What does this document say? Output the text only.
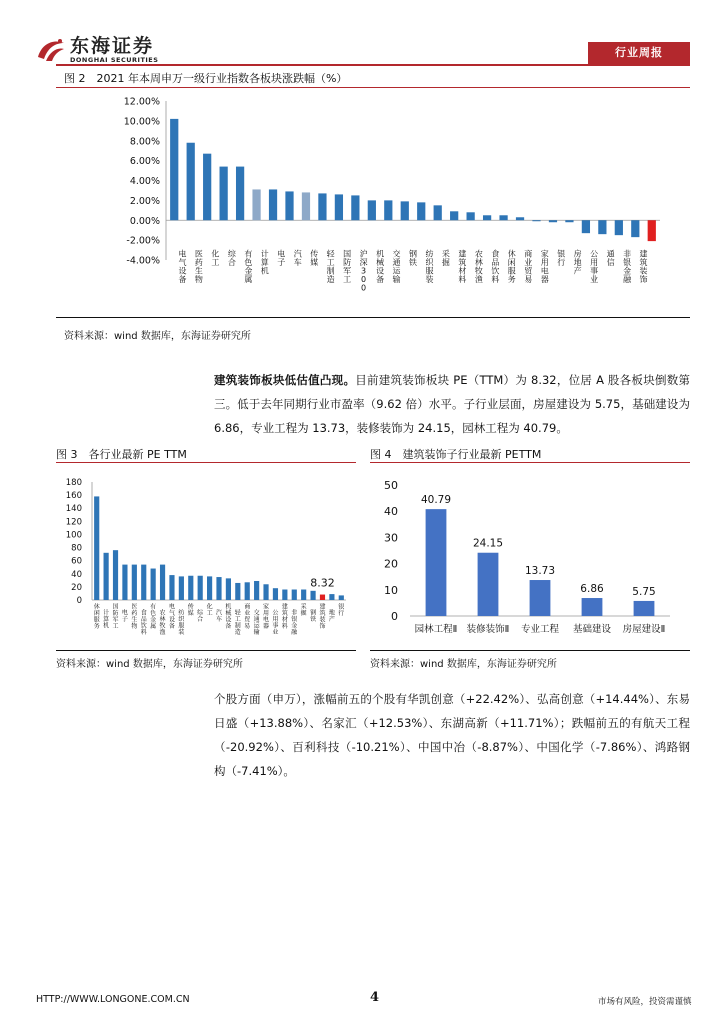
东海证券
DONGHAI SECURITIES
行业周报
图 2　2021 年本周申万一级行业指数各板块涨跌幅（%）
12.00%
10.00%
8.00%
6.00%
4.00%
2.00%
0.00%
-2.00%
-4.00%
电气设备
医药生物
化工
综合
有色金属
计算机
电子
汽车
传媒
轻工制造
国防军工
沪深 3 0 0
机械设备
交通运输
钢铁
纺织服装
采掘
建筑材料
农林牧渔
食品饮料
休闲服务
商业贸易
家用电器
银行
房地产
公用事业
通信
非银金融
建筑装饰
资料来源：wind 数据库，东海证券研究所
建筑装饰板块低估值凸现。目前建筑装饰板块 PE（TTM）为 8.32，位居 A 股各板块倒数第三。低于去年同期行业市盈率（9.62 倍）水平。子行业层面，房屋建设为 5.75，基础建设为 6.86，专业工程为 13.73，装修装饰为 24.15，园林工程为 40.79。
图 3　各行业最新 PE TTM
180
160
140
120
100
80
60
40
20
0
8.32
休闲服务
计算机
国防军工
电子
医药生物
食品饮料
有色金属
农林牧渔
电气设备
纺织服装
传媒 综合
化工 汽车
机械设备
轻工制造
商业贸易
交通运输
家用电器
公用事业
建筑材料
非银金融
采掘 钢铁
建筑装饰
地产
银行
资料来源：wind 数据库，东海证券研究所
图 4　建筑装饰子行业最新 PETTM
50
40
30
20
10
0
40.79
24.15
13.73
6.86	5.75
园林工程Ⅱ 装修装饰Ⅱ 专业工程 基础建设 房屋建设Ⅱ
资料来源：wind 数据库，东海证券研究所
个股方面（申万），涨幅前五的个股有华凯创意（+22.42%）、弘高创意（+14.44%）、东易日盛（+13.88%）、名家汇（+12.53%）、东湖高新（+11.71%）；跌幅前五的有航天工程（-20.92%）、百利科技（-10.21%）、中国中冶（-8.87%）、中国化学（-7.86%）、鸿路钢构（-7.41%）。
HTTP://WWW.LONGONE.COM.CN	4	市场有风险，投资需谨慎
